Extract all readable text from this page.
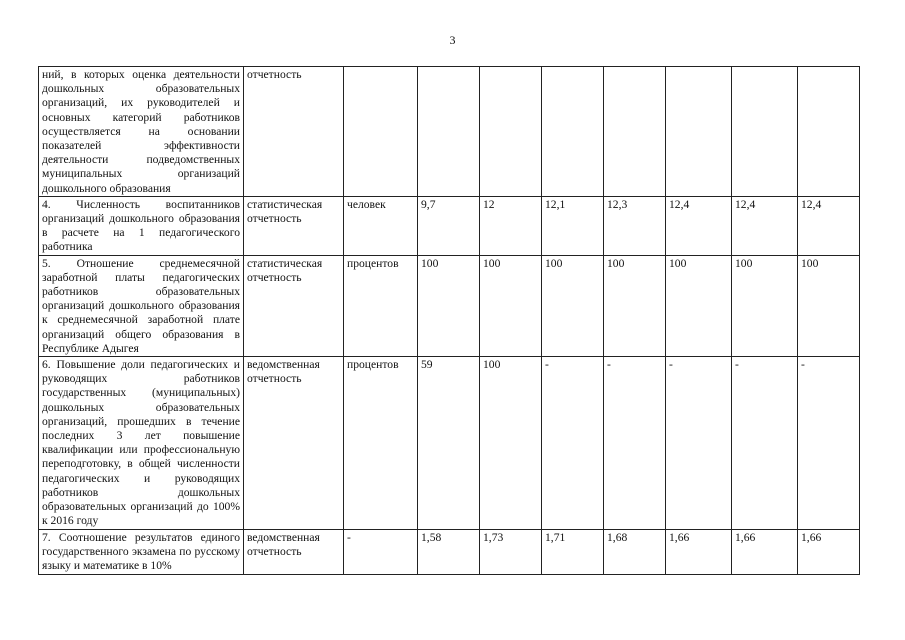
3
ний, в которых оценка деятельности дошкольных образовательных организаций, их руководителей и основных категорий работников осуществляется на основании показателей эффективности деятельности подведомственных муниципальных организаций дошкольного образования	отчетность								
4. Численность воспитанников организаций дошкольного образования в расчете на 1 педагогического работника	статистическая отчетность	человек	9,7	12	12,1	12,3	12,4	12,4	12,4
5. Отношение среднемесячной заработной платы педагогических работников образовательных организаций дошкольного образования к среднемесячной заработной плате организаций общего образования в Республике Адыгея	статистическая отчетность	процентов	100	100	100	100	100	100	100
6. Повышение доли педагогических и руководящих работников государственных (муниципальных) дошкольных образовательных организаций, прошедших в течение последних 3 лет повышение квалификации или профессиональную переподготовку, в общей численности педагогических и руководящих работников дошкольных образовательных организаций до 100% к 2016 году	ведомственная отчетность	процентов	59	100	-	-	-	-	-
7. Соотношение результатов единого государственного экзамена по русскому языку и математике в 10%	ведомственная отчетность	-	1,58	1,73	1,71	1,68	1,66	1,66	1,66
